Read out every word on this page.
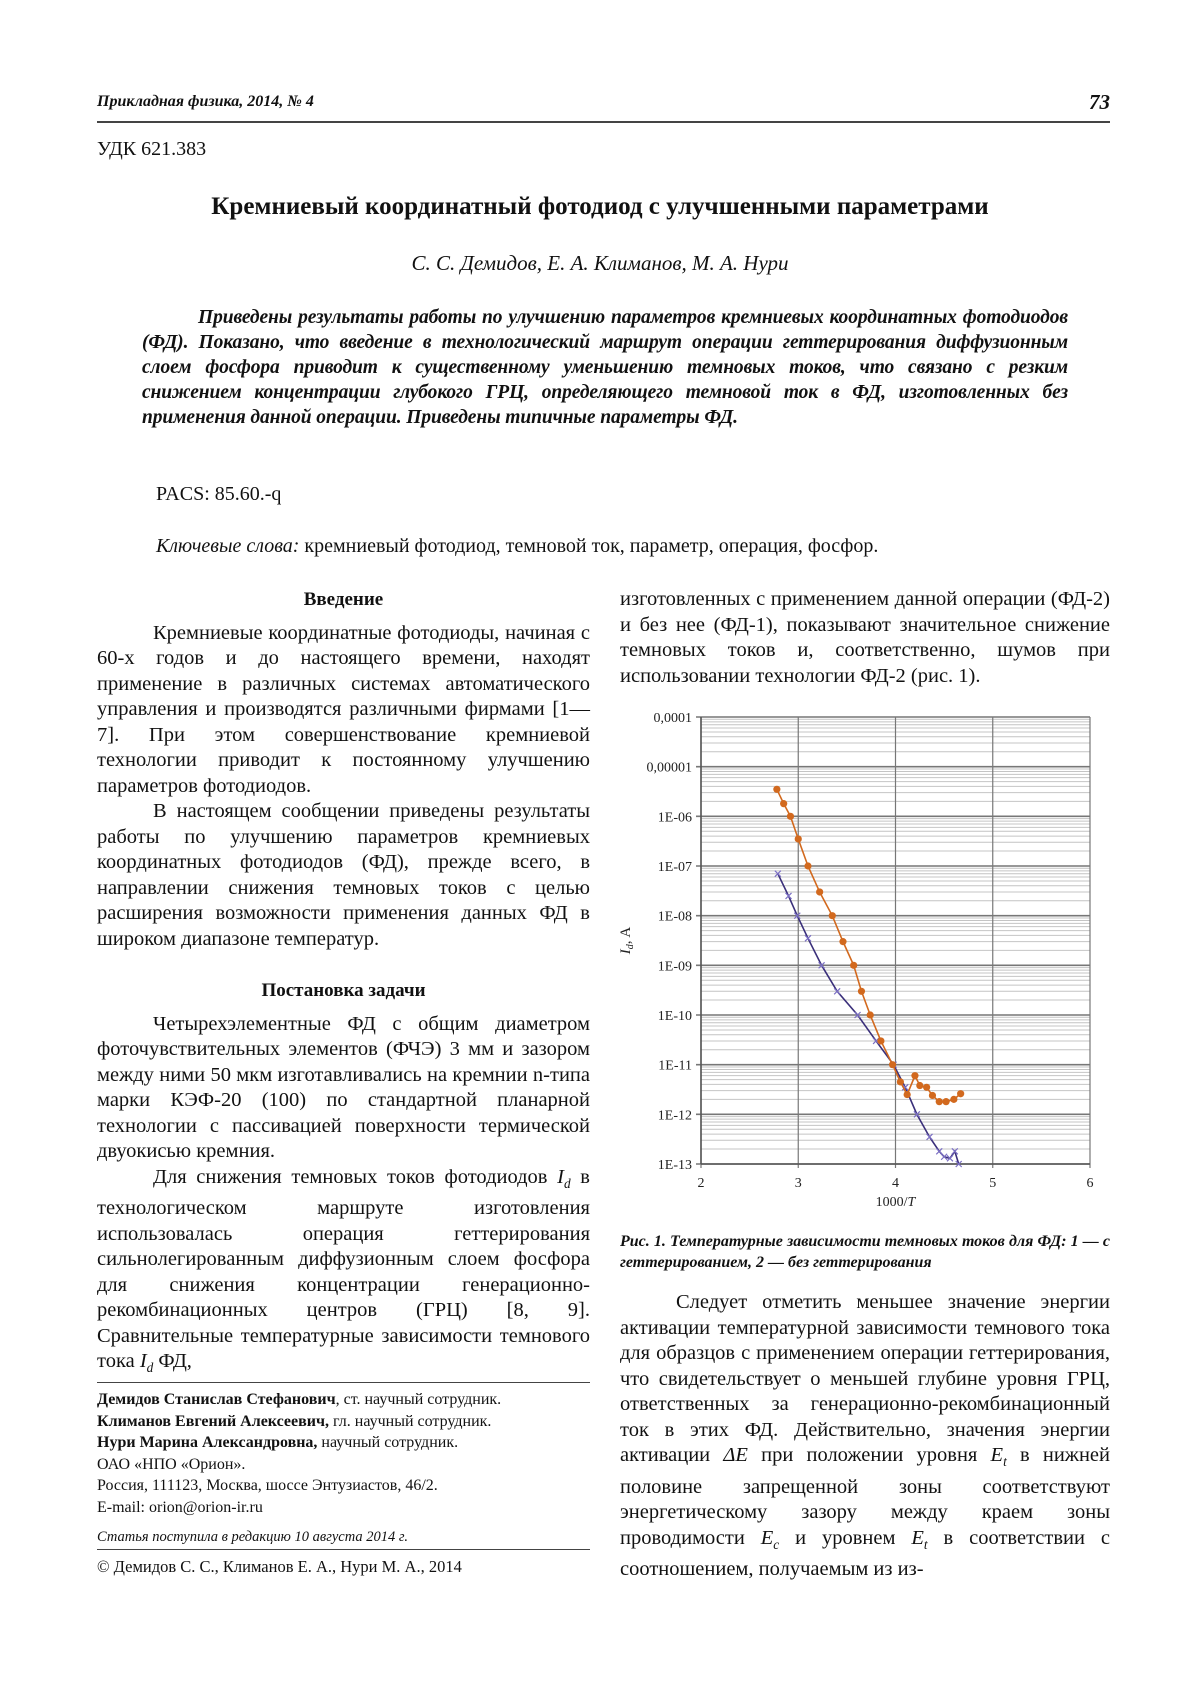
Прикладная физика, 2014, № 4	73
УДК 621.383
Кремниевый координатный фотодиод с улучшенными параметрами
С. С. Демидов, Е. А. Климанов, М. А. Нури
Приведены результаты работы по улучшению параметров кремниевых координатных фотодиодов (ФД). Показано, что введение в технологический маршрут операции геттерирования диффузионным слоем фосфора приводит к существенному уменьшению темновых токов, что связано с резким снижением концентрации глубокого ГРЦ, определяющего темновой ток в ФД, изготовленных без применения данной операции. Приведены типичные параметры ФД.
PACS: 85.60.-q
Ключевые слова: кремниевый фотодиод, темновой ток, параметр, операция, фосфор.
Введение

Кремниевые координатные фотодиоды, начиная с 60-х годов и до настоящего времени, находят применение в различных системах автоматического управления и производятся различными фирмами [1—7]. При этом совершенствование кремниевой технологии приводит к постоянному улучшению параметров фотодиодов.

В настоящем сообщении приведены результаты работы по улучшению параметров кремниевых координатных фотодиодов (ФД), прежде всего, в направлении снижения темновых токов с целью расширения возможности применения данных ФД в широком диапазоне температур.

Постановка задачи

Четырехэлементные ФД с общим диаметром фоточувствительных элементов (ФЧЭ) 3 мм и зазором между ними 50 мкм изготавливались на кремнии n-типа марки КЭФ-20 (100) по стандартной планарной технологии с пассивацией поверхности термической двуокисью кремния.

Для снижения темновых токов фотодиодов $I_d$ в технологическом маршруте изготовления использовалась операция геттерирования сильнолегированным диффузионным слоем фосфора для снижения концентрации генерационно-рекомбинационных центров (ГРЦ) [8, 9]. Сравнительные температурные зависимости темнового тока $I_d$ ФД,

Демидов Станислав Стефанович, ст. научный сотрудник.
Климанов Евгений Алексеевич, гл. научный сотрудник.
Нури Марина Александровна, научный сотрудник.
ОАО «НПО «Орион».
Россия, 111123, Москва, шоссе Энтузиастов, 46/2.
E-mail: orion@orion-ir.ru
Статья поступила в редакцию 10 августа 2014 г.
© Демидов С. С., Климанов Е. А., Нури М. А., 2014

изготовленных с применением данной операции (ФД-2) и без нее (ФД-1), показывают значительное снижение темновых токов и, соответственно, шумов при использовании технологии ФД-2 (рис. 1).

1E-13
1E-12
1E-11
1E-10
1E-09
1E-08
1E-07
1E-06
0,00001
0,0001
2	3	4	5	6
1000/T
$I_d$, A
Рис. 1. Температурные зависимости темновых токов для ФД: 1 — с геттерированием, 2 — без геттерирования

Следует отметить меньшее значение энергии активации температурной зависимости темнового тока для образцов с применением операции геттерирования, что свидетельствует о меньшей глубине уровня ГРЦ, ответственных за генерационно-рекомбинационный ток в этих ФД. Действительно, значения энергии активации ΔE при положении уровня $E_t$ в нижней половине запрещенной зоны соответствуют энергетическому зазору между краем зоны проводимости $E_c$ и уровнем $E_t$ в соответствии с соотношением, получаемым из из-
